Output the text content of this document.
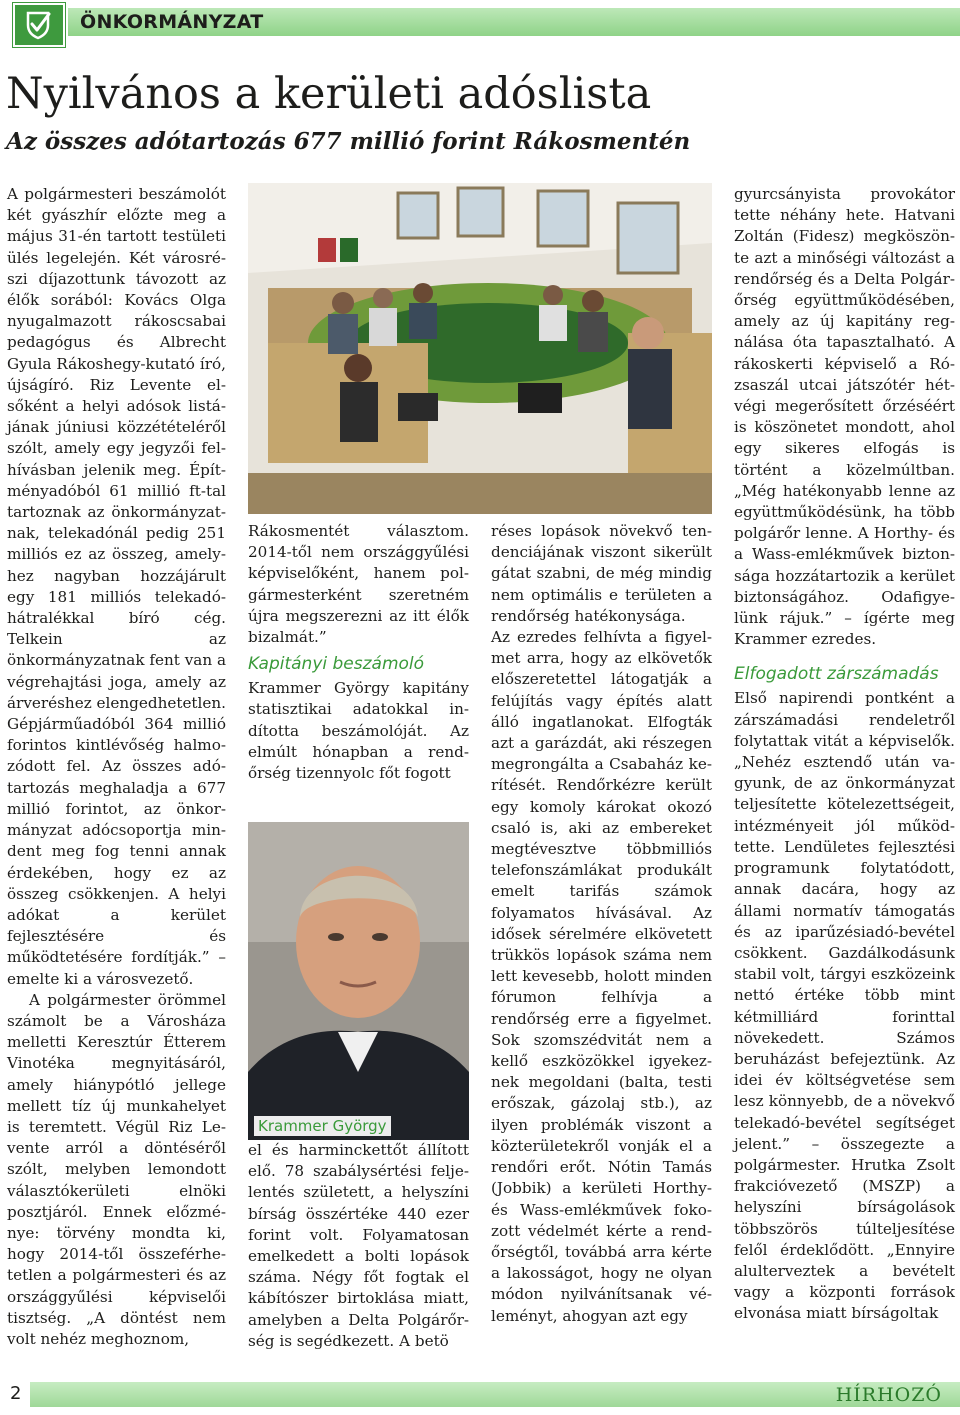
ÖNKORMÁNYZAT
Nyilvános a kerületi adóslista
Az összes adótartozás 677 millió forint Rákosmentén

A polgármesteri beszámolót két gyászhír előzte meg a május 31-én tartott testületi ülés legelején. Két városrészi díjazottunk távozott az élők sorából: Kovács Olga nyugalmazott rákoscsabai pedagógus és Albrecht Gyula Rákoshegy-kutató író, újságíró. Riz Levente elsőként a helyi adósok listájának júniusi közzétételéről szólt, amely egy jegyzői felhívásban jelenik meg. Építményadóból 61 millió ft-tal tartoznak az önkormányzatnak, telekadónál pedig 251 milliós ez az összeg, amelyhez nagyban hozzájárult egy 181 milliós telekadó-hátralékkal bíró cég. Telkein az önkormányzatnak fent van a végrehajtási joga, amely az árveréshez elengedhetetlen. Gépjárműadóból 364 millió forintos kintlévőség halmozódott fel. Az összes adótartozás meghaladja a 677 millió forintot, az önkormányzat adócsoportja mindent meg fog tenni annak érdekében, hogy ez az összeg csökkenjen. A helyi adókat a kerület fejlesztésére és működtetésére fordítják.” – emelte ki a városvezető.

A polgármester örömmel számolt be a Városháza melletti Keresztúr Étterem Vinotéka megnyitásáról, amely hiánypótló jellege mellett tíz új munkahelyet is teremtett. Végül Riz Levente arról a döntéséről szólt, melyben lemondott választókerületi elnöki posztjáról. Ennek előzménye: törvény mondta ki, hogy 2014-től összeférhetetlen a polgármesteri és az országgyűlési képviselői tisztség. „A döntést nem volt nehéz meghoznom,

Rákosmentét választom. 2014-től nem országgyűlési képviselőként, hanem polgármesterként szeretném újra megszerezni az itt élők bizalmát.”

Kapitányi beszámoló

Krammer György kapitány statisztikai adatokkal indította beszámolóját. Az elmúlt hónapban a rendőrség tizennyolc főt fogott

Krammer György

el és harminckettőt állított elő. 78 szabálysértési feljelentés született, a helyszíni bírság összértéke 440 ezer forint volt. Folyamatosan emelkedett a bolti lopások száma. Négy főt fogtak el kábítószer birtoklása miatt, amelyben a Delta Polgárőrség is segédkezett. A betö

réses lopások növekvő tendenciájának viszont sikerült gátat szabni, de még mindig nem optimális e területen a rendőrség hatékonysága.

Az ezredes felhívta a figyelmet arra, hogy az elkövetők előszeretettel látogatják a felújítás vagy építés alatt álló ingatlanokat. Elfogták azt a garázdát, aki részegen megrongálta a Csabaház kerítését. Rendőrkézre került egy komoly károkat okozó csaló is, aki az embereket megtévesztve többmilliós telefonszámlákat produkált emelt tarifás számok folyamatos hívásával. Az idősek sérelmére elkövetett trükkös lopások száma nem lett kevesebb, holott minden fórumon felhívja a rendőrség erre a figyelmet. Sok szomszédvitát nem a kellő eszközökkel igyekeznek megoldani (balta, testi erőszak, gázolaj stb.), az ilyen problémák viszont a közterületekről vonják el a rendőri erőt. Nótin Tamás (Jobbik) a kerületi Horthy- és Wass-emlékművek fokozott védelmét kérte a rendőrségtől, továbbá arra kérte a lakosságot, hogy ne olyan módon nyilvánítsanak véleményt, ahogyan azt egy

gyurcsányista provokátor tette néhány hete. Hatvani Zoltán (Fidesz) megköszönte azt a minőségi változást a rendőrség és a Delta Polgárőrség együttműködésében, amely az új kapitány regnálása óta tapasztalható. A rákoskerti képviselő a Rózsaszál utcai játszótér hétvégi megerősített őrzéséért is köszönetet mondott, ahol egy sikeres elfogás is történt a közelmúltban. „Még hatékonyabb lenne az együttműködésünk, ha több polgárőr lenne. A Horthy- és a Wass-emlékművek biztonsága hozzátartozik a kerület biztonságához. Odafigyelünk rájuk.” – ígérte meg Krammer ezredes.

Elfogadott zárszámadás

Első napirendi pontként a zárszámadási rendeletről folytattak vitát a képviselők. „Nehéz esztendő után vagyunk, de az önkormányzat teljesítette kötelezettségeit, intézményeit jól működtette. Lendületes fejlesztési programunk folytatódott, annak dacára, hogy az állami normatív támogatás és az iparűzésiadó-bevétel csökkent. Gazdálkodásunk stabil volt, tárgyi eszközeink nettó értéke több mint kétmilliárd forinttal növekedett. Számos beruházást befejeztünk. Az idei év költségvetése sem lesz könnyebb, de a növekvő telekadó-bevétel segítséget jelent.” – összegezte a polgármester. Hrutka Zsolt frakcióvezető (MSZP) a helyszíni bírságolások többszörös túlteljesítése felől érdeklődött. „Ennyire alulterveztek a bevételt vagy a központi források elvonása miatt bírságoltak

HÍRHOZÓ
2
